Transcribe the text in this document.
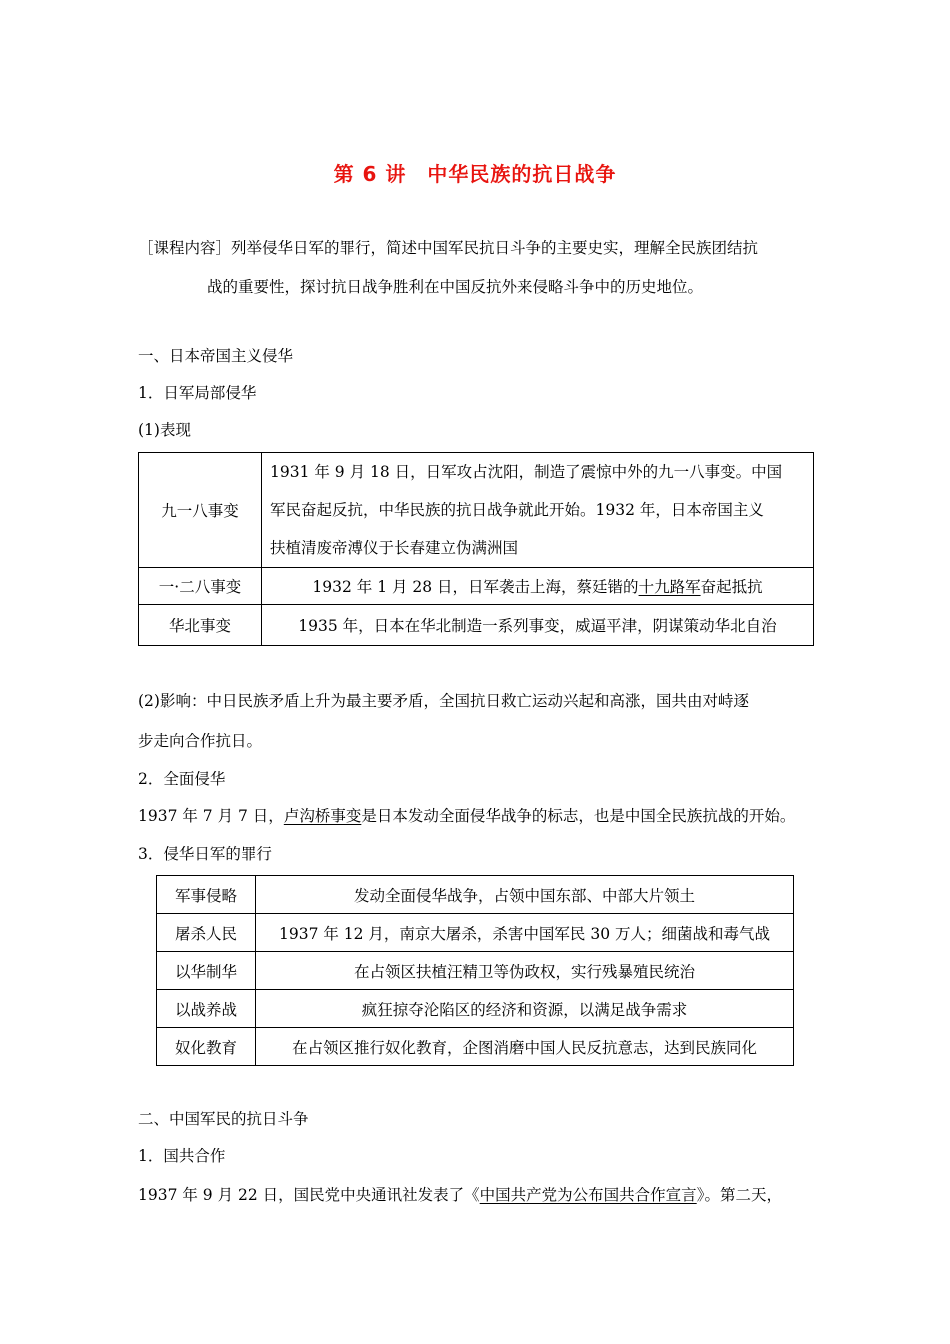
第 6 讲　中华民族的抗日战争
［课程内容］列举侵华日军的罪行，简述中国军民抗日斗争的主要史实，理解全民族团结抗
战的重要性，探讨抗日战争胜利在中国反抗外来侵略斗争中的历史地位。
一、日本帝国主义侵华
1．日军局部侵华
(1)表现
九一八事变	1931 年 9 月 18 日，日军攻占沈阳，制造了震惊中外的九一八事变。中国
军民奋起反抗，中华民族的抗日战争就此开始。1932 年，日本帝国主义
扶植清废帝溥仪于长春建立伪满洲国

一·二八事变	1932 年 1 月 28 日，日军袭击上海，蔡廷锴的十九路军奋起抵抗
华北事变	1935 年，日本在华北制造一系列事变，威逼平津，阴谋策动华北自治
(2)影响：中日民族矛盾上升为最主要矛盾，全国抗日救亡运动兴起和高涨，国共由对峙逐
步走向合作抗日。
2．全面侵华
1937 年 7 月 7 日，卢沟桥事变是日本发动全面侵华战争的标志，也是中国全民族抗战的开始。
3．侵华日军的罪行
军事侵略	发动全面侵华战争，占领中国东部、中部大片领土
屠杀人民	1937 年 12 月，南京大屠杀，杀害中国军民 30 万人；细菌战和毒气战
以华制华	在占领区扶植汪精卫等伪政权，实行残暴殖民统治
以战养战	疯狂掠夺沦陷区的经济和资源，以满足战争需求
奴化教育	在占领区推行奴化教育，企图消磨中国人民反抗意志，达到民族同化
二、中国军民的抗日斗争
1．国共合作
1937 年 9 月 22 日，国民党中央通讯社发表了《中国共产党为公布国共合作宣言》。第二天，
